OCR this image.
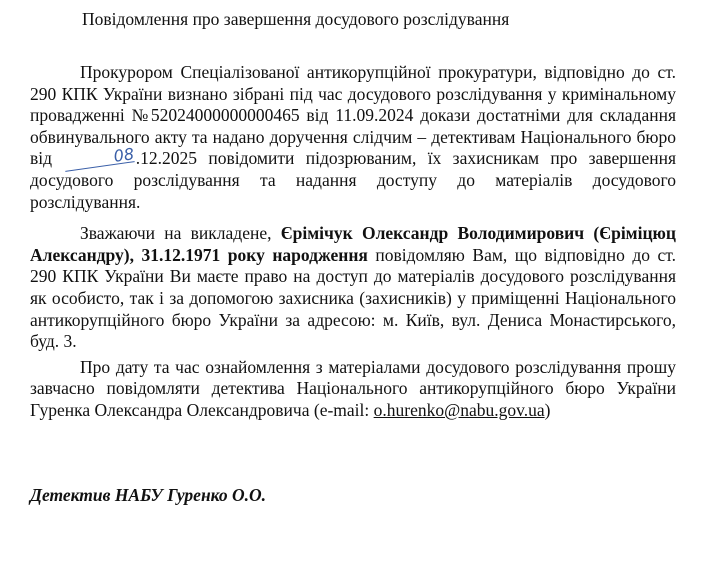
Повідомлення про завершення досудового розслідування

Прокурором Спеціалізованої антикорупційної прокуратури, відповідно до ст. 290 КПК України визнано зібрані під час досудового розслідування у кримінальному провадженні №52024000000000465 від 11.09.2024 докази достатніми для складання обвинувального акту та надано доручення слідчим – детективам Національного бюро від	08.12.2025 повідомити підозрюваним, їх захисникам про завершення досудового розслідування та надання доступу до матеріалів досудового розслідування.

Зважаючи на викладене, Єрімічук Олександр Володимирович (Єріміцюц Александру), 31.12.1971 року народження повідомляю Вам, що відповідно до ст. 290 КПК України Ви маєте право на доступ до матеріалів досудового розслідування як особисто, так і за допомогою захисника (захисників) у приміщенні Національного антикорупційного бюро України за адресою: м. Київ, вул. Дениса Монастирського, буд. 3.

Про дату та час ознайомлення з матеріалами досудового розслідування прошу завчасно повідомляти детектива Національного антикорупційного бюро України Гуренка Олександра Олександровича (e-mail: o.hurenko@nabu.gov.ua)

Детектив НАБУ Гуренко О.О.
